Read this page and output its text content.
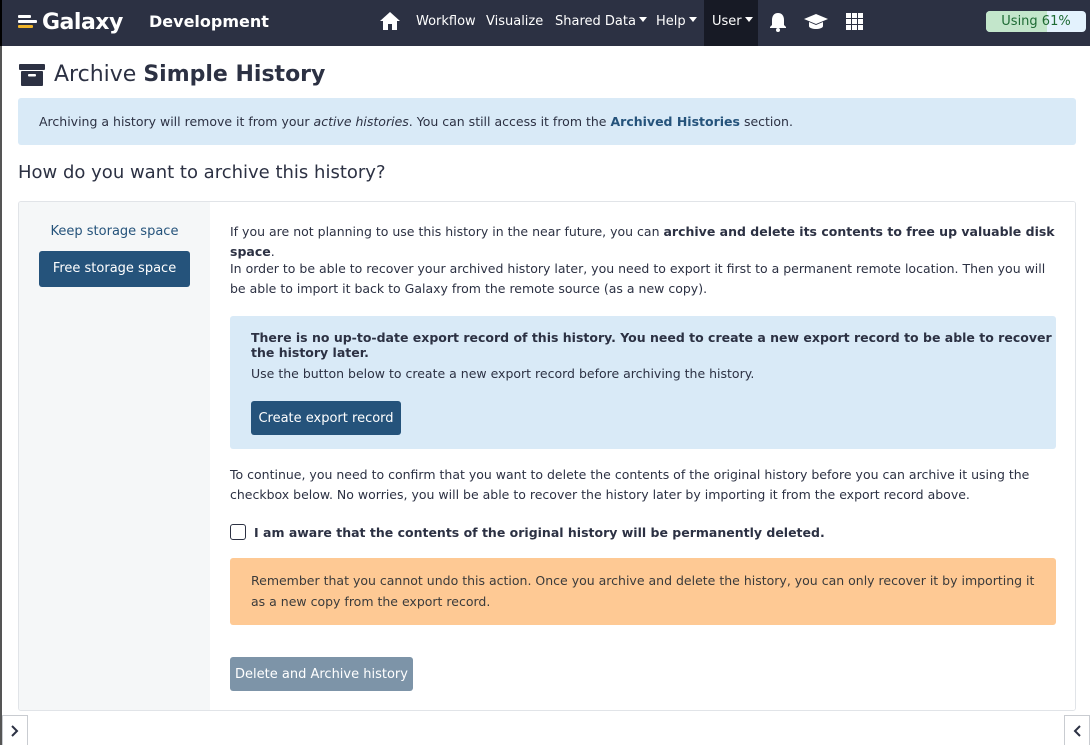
Galaxy Development	Workflow Visualize Shared Data	Help	User	Using 61%
Archive Simple History
Archiving a history will remove it from your active histories. You can still access it from the Archived Histories section.
How do you want to archive this history?
Keep storage space
Free storage space
If you are not planning to use this history in the near future, you can archive and delete its contents to free up valuable disk space.
In order to be able to recover your archived history later, you need to export it first to a permanent remote location. Then you will be able to import it back to Galaxy from the remote source (as a new copy).
There is no up-to-date export record of this history. You need to create a new export record to be able to recover the history later.
Use the button below to create a new export record before archiving the history.
Create export record
To continue, you need to confirm that you want to delete the contents of the original history before you can archive it using the checkbox below. No worries, you will be able to recover the history later by importing it from the export record above.
I am aware that the contents of the original history will be permanently deleted.
Remember that you cannot undo this action. Once you archive and delete the history, you can only recover it by importing it as a new copy from the export record.
Delete and Archive history
